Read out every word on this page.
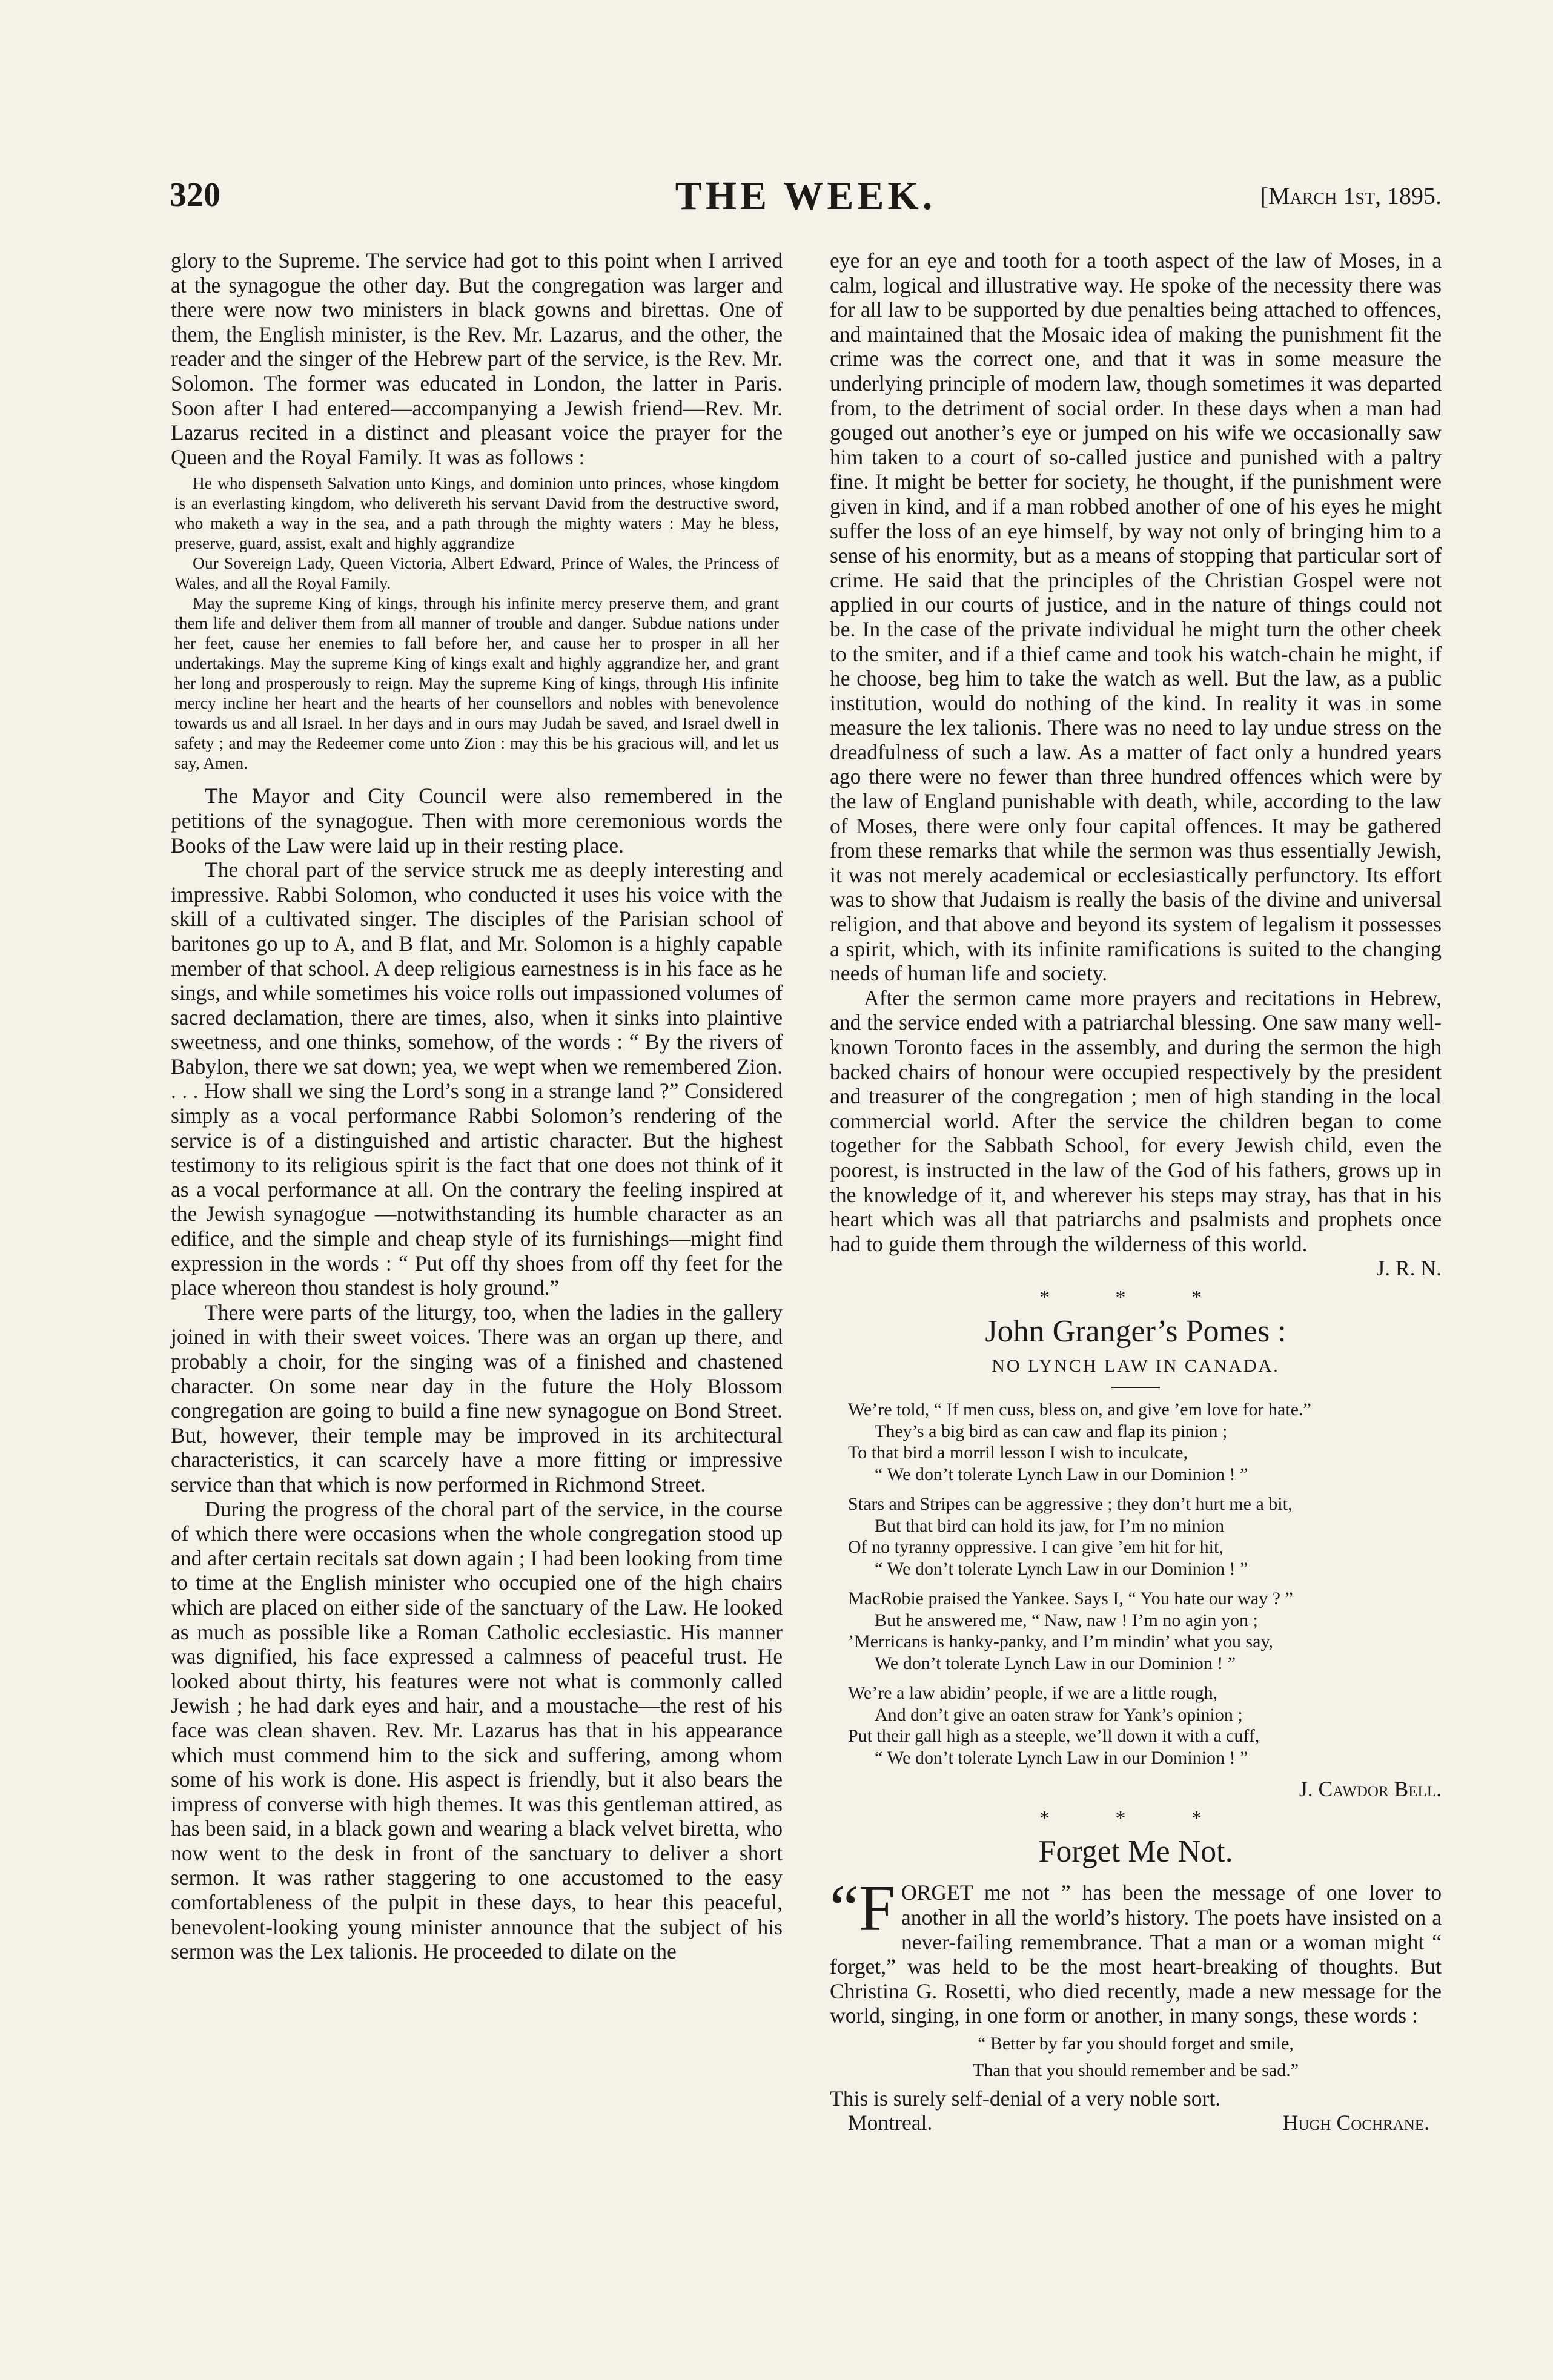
320	THE WEEK.	[March 1st, 1895.

glory to the Supreme. The service had got to this point when I arrived at the synagogue the other day. But the congregation was larger and there were now two ministers in black gowns and birettas. One of them, the English minister, is the Rev. Mr. Lazarus, and the other, the reader and the singer of the Hebrew part of the service, is the Rev. Mr. Solomon. The former was educated in London, the latter in Paris. Soon after I had entered—accompanying a Jewish friend—Rev. Mr. Lazarus recited in a distinct and pleasant voice the prayer for the Queen and the Royal Family. It was as follows :

He who dispenseth Salvation unto Kings, and dominion unto princes, whose kingdom is an everlasting kingdom, who delivereth his servant David from the destructive sword, who maketh a way in the sea, and a path through the mighty waters : May he bless, preserve, guard, assist, exalt and highly aggrandize

Our Sovereign Lady, Queen Victoria, Albert Edward, Prince of Wales, the Princess of Wales, and all the Royal Family.

May the supreme King of kings, through his infinite mercy preserve them, and grant them life and deliver them from all manner of trouble and danger. Subdue nations under her feet, cause her enemies to fall before her, and cause her to prosper in all her undertakings. May the supreme King of kings exalt and highly aggrandize her, and grant her long and prosperously to reign. May the supreme King of kings, through His infinite mercy incline her heart and the hearts of her counsellors and nobles with benevolence towards us and all Israel. In her days and in ours may Judah be saved, and Israel dwell in safety ; and may the Redeemer come unto Zion : may this be his gracious will, and let us say, Amen.

The Mayor and City Council were also remembered in the petitions of the synagogue. Then with more ceremonious words the Books of the Law were laid up in their resting place.

The choral part of the service struck me as deeply interesting and impressive. Rabbi Solomon, who conducted it uses his voice with the skill of a cultivated singer. The disciples of the Parisian school of baritones go up to A, and B flat, and Mr. Solomon is a highly capable member of that school. A deep religious earnestness is in his face as he sings, and while sometimes his voice rolls out impassioned volumes of sacred declamation, there are times, also, when it sinks into plaintive sweetness, and one thinks, somehow, of the words : “ By the rivers of Babylon, there we sat down; yea, we wept when we remembered Zion. . . . How shall we sing the Lord’s song in a strange land ?” Considered simply as a vocal performance Rabbi Solomon’s rendering of the service is of a distinguished and artistic character. But the highest testimony to its religious spirit is the fact that one does not think of it as a vocal performance at all. On the contrary the feeling inspired at the Jewish synagogue —notwithstanding its humble character as an edifice, and the simple and cheap style of its furnishings—might find expression in the words : “ Put off thy shoes from off thy feet for the place whereon thou standest is holy ground.”

There were parts of the liturgy, too, when the ladies in the gallery joined in with their sweet voices. There was an organ up there, and probably a choir, for the singing was of a finished and chastened character. On some near day in the future the Holy Blossom congregation are going to build a fine new synagogue on Bond Street. But, however, their temple may be improved in its architectural characteristics, it can scarcely have a more fitting or impressive service than that which is now performed in Richmond Street.

During the progress of the choral part of the service, in the course of which there were occasions when the whole congregation stood up and after certain recitals sat down again ; I had been looking from time to time at the English minister who occupied one of the high chairs which are placed on either side of the sanctuary of the Law. He looked as much as possible like a Roman Catholic ecclesiastic. His manner was dignified, his face expressed a calmness of peaceful trust. He looked about thirty, his features were not what is commonly called Jewish ; he had dark eyes and hair, and a moustache—the rest of his face was clean shaven. Rev. Mr. Lazarus has that in his appearance which must commend him to the sick and suffering, among whom some of his work is done. His aspect is friendly, but it also bears the impress of converse with high themes. It was this gentleman attired, as has been said, in a black gown and wearing a black velvet biretta, who now went to the desk in front of the sanctuary to deliver a short sermon. It was rather staggering to one accustomed to the easy comfortableness of the pulpit in these days, to hear this peaceful, benevolent-looking young minister announce that the subject of his sermon was the Lex talionis. He proceeded to dilate on the

eye for an eye and tooth for a tooth aspect of the law of Moses, in a calm, logical and illustrative way. He spoke of the necessity there was for all law to be supported by due penalties being attached to offences, and maintained that the Mosaic idea of making the punishment fit the crime was the correct one, and that it was in some measure the underlying principle of modern law, though sometimes it was departed from, to the detriment of social order. In these days when a man had gouged out another’s eye or jumped on his wife we occasionally saw him taken to a court of so-called justice and punished with a paltry fine. It might be better for society, he thought, if the punishment were given in kind, and if a man robbed another of one of his eyes he might suffer the loss of an eye himself, by way not only of bringing him to a sense of his enormity, but as a means of stopping that particular sort of crime. He said that the principles of the Christian Gospel were not applied in our courts of justice, and in the nature of things could not be. In the case of the private individual he might turn the other cheek to the smiter, and if a thief came and took his watch-chain he might, if he choose, beg him to take the watch as well. But the law, as a public institution, would do nothing of the kind. In reality it was in some measure the lex talionis. There was no need to lay undue stress on the dreadfulness of such a law. As a matter of fact only a hundred years ago there were no fewer than three hundred offences which were by the law of England punishable with death, while, according to the law of Moses, there were only four capital offences. It may be gathered from these remarks that while the sermon was thus essentially Jewish, it was not merely academical or ecclesiastically perfunctory. Its effort was to show that Judaism is really the basis of the divine and universal religion, and that above and beyond its system of legalism it possesses a spirit, which, with its infinite ramifications is suited to the changing needs of human life and society.

After the sermon came more prayers and recitations in Hebrew, and the service ended with a patriarchal blessing. One saw many well-known Toronto faces in the assembly, and during the sermon the high backed chairs of honour were occupied respectively by the president and treasurer of the congregation ; men of high standing in the local commercial world. After the service the children began to come together for the Sabbath School, for every Jewish child, even the poorest, is instructed in the law of the God of his fathers, grows up in the knowledge of it, and wherever his steps may stray, has that in his heart which was all that patriarchs and psalmists and prophets once had to guide them through the wilderness of this world.

J. R. N.
* * *
John Granger’s Pomes :
NO LYNCH LAW IN CANADA.
We’re told, “ If men cuss, bless on, and give ’em love for hate.”
They’s a big bird as can caw and flap its pinion ;
To that bird a morril lesson I wish to inculcate,
“ We don’t tolerate Lynch Law in our Dominion ! ”
Stars and Stripes can be aggressive ; they don’t hurt me a bit,
But that bird can hold its jaw, for I’m no minion
Of no tyranny oppressive. I can give ’em hit for hit,
“ We don’t tolerate Lynch Law in our Dominion ! ”
MacRobie praised the Yankee. Says I, “ You hate our way ? ”
But he answered me, “ Naw, naw ! I’m no agin yon ;
’Merricans is hanky-panky, and I’m mindin’ what you say,
We don’t tolerate Lynch Law in our Dominion ! ”
We’re a law abidin’ people, if we are a little rough,
And don’t give an oaten straw for Yank’s opinion ;
Put their gall high as a steeple, we’ll down it with a cuff,
“ We don’t tolerate Lynch Law in our Dominion ! ”
J. Cawdor Bell.
* * *
Forget Me Not.
“F ORGET me not ” has been the message of one lover to another in all the world’s history. The poets have insisted on a never-failing remembrance. That a man or a woman might “ forget,” was held to be the most heart-breaking of thoughts. But Christina G. Rosetti, who died recently, made a new message for the world, singing, in one form or another, in many songs, these words :

“ Better by far you should forget and smile,
Than that you should remember and be sad.”

This is surely self-denial of a very noble sort.

Montreal.	Hugh Cochrane.
